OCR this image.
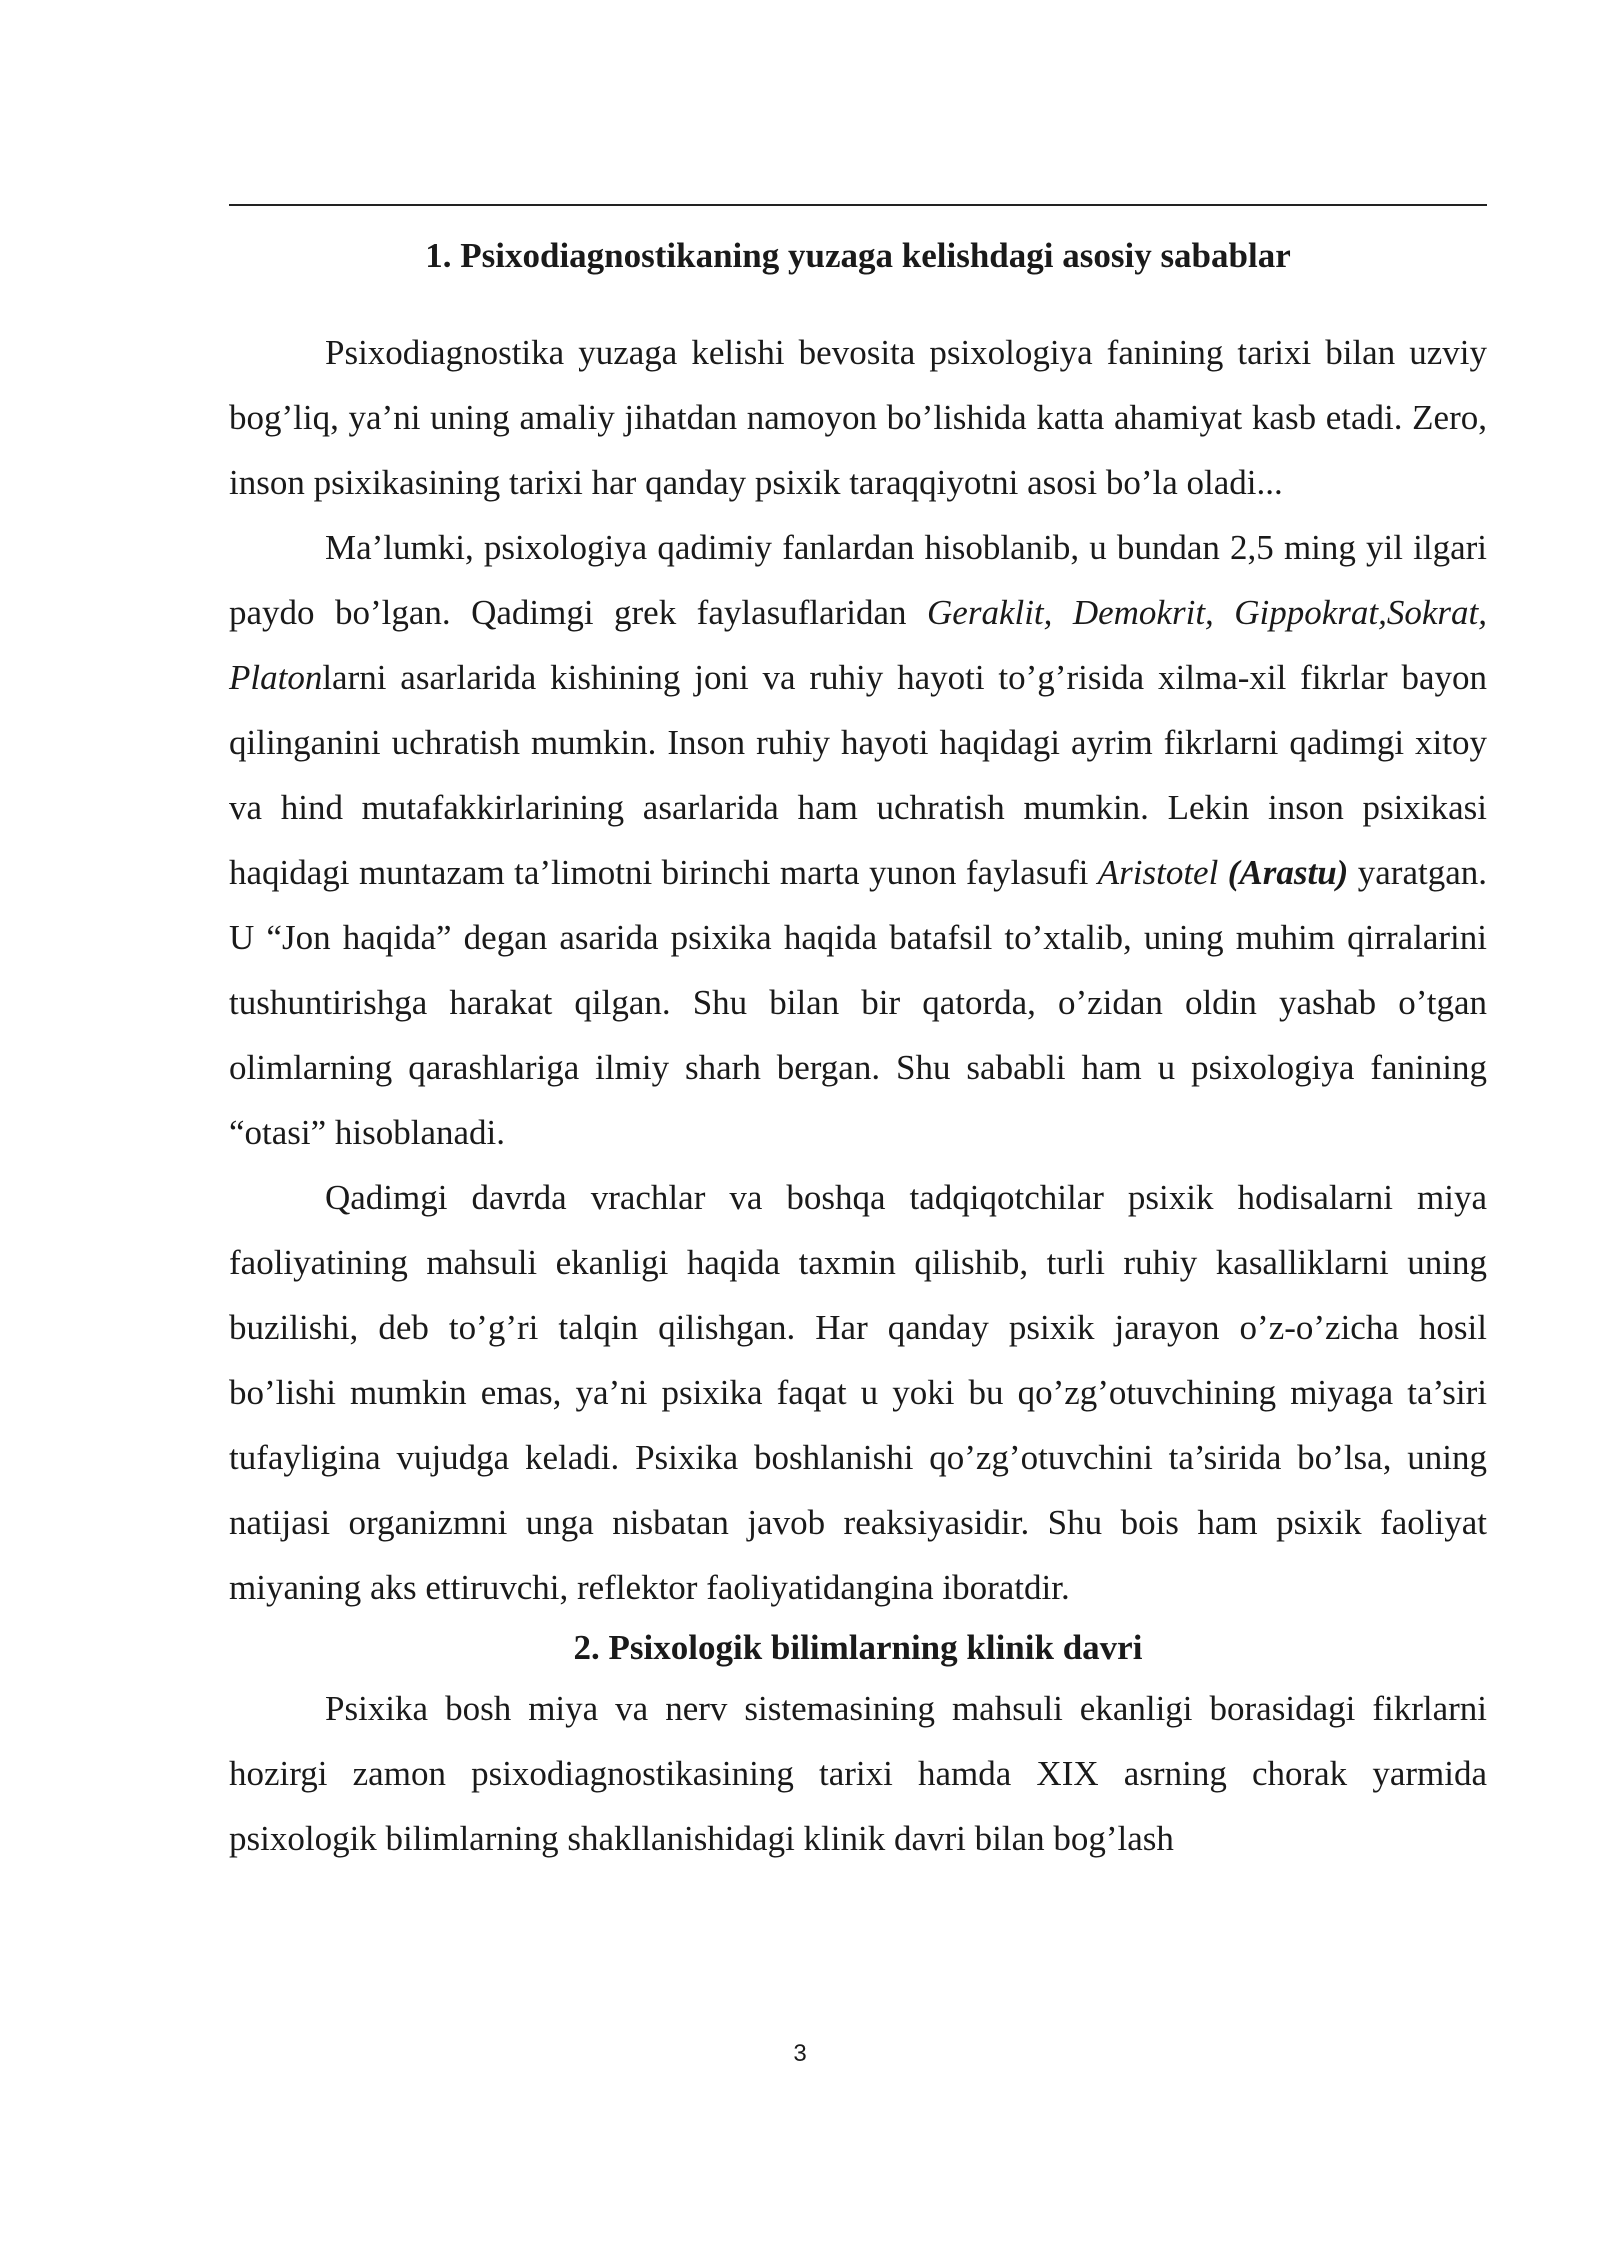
1. Psixodiagnostikaning yuzaga kelishdagi asosiy sabablar

Psixodiagnostika yuzaga kelishi bevosita psixologiya fanining tarixi bilan uzviy bog’liq, ya’ni uning amaliy jihatdan namoyon bo’lishida katta ahamiyat kasb etadi. Zero, inson psixikasining tarixi har qanday psixik taraqqiyotni asosi bo’la oladi...

Ma’lumki, psixologiya qadimiy fanlardan hisoblanib, u bundan 2,5 ming yil ilgari paydo bo’lgan. Qadimgi grek faylasuflaridan Geraklit, Demokrit, Gippokrat,Sokrat, Platonlarni asarlarida kishining joni va ruhiy hayoti to’g’risida xilma-xil fikrlar bayon qilinganini uchratish mumkin. Inson ruhiy hayoti haqidagi ayrim fikrlarni qadimgi xitoy va hind mutafakkirlarining asarlarida ham uchratish mumkin. Lekin inson psixikasi haqidagi muntazam ta’limotni birinchi marta yunon faylasufi Aristotel (Arastu) yaratgan. U “Jon haqida” degan asarida psixika haqida batafsil to’xtalib, uning muhim qirralarini tushuntirishga harakat qilgan. Shu bilan bir qatorda, o’zidan oldin yashab o’tgan olimlarning qarashlariga ilmiy sharh bergan. Shu sababli ham u psixologiya fanining “otasi” hisoblanadi.

Qadimgi davrda vrachlar va boshqa tadqiqotchilar psixik hodisalarni miya faoliyatining mahsuli ekanligi haqida taxmin qilishib, turli ruhiy kasalliklarni uning buzilishi, deb to’g’ri talqin qilishgan. Har qanday psixik jarayon o’z-o’zicha hosil bo’lishi mumkin emas, ya’ni psixika faqat u yoki bu qo’zg’otuvchining miyaga ta’siri tufayligina vujudga keladi. Psixika boshlanishi qo’zg’otuvchini ta’sirida bo’lsa, uning natijasi organizmni unga nisbatan javob reaksiyasidir. Shu bois ham psixik faoliyat miyaning aks ettiruvchi, reflektor faoliyatidangina iboratdir.

2. Psixologik bilimlarning klinik davri

Psixika bosh miya va nerv sistemasining mahsuli ekanligi borasidagi fikrlarni hozirgi zamon psixodiagnostikasining tarixi hamda XIX asrning chorak yarmida psixologik bilimlarning shakllanishidagi klinik davri bilan bog’lash

3
